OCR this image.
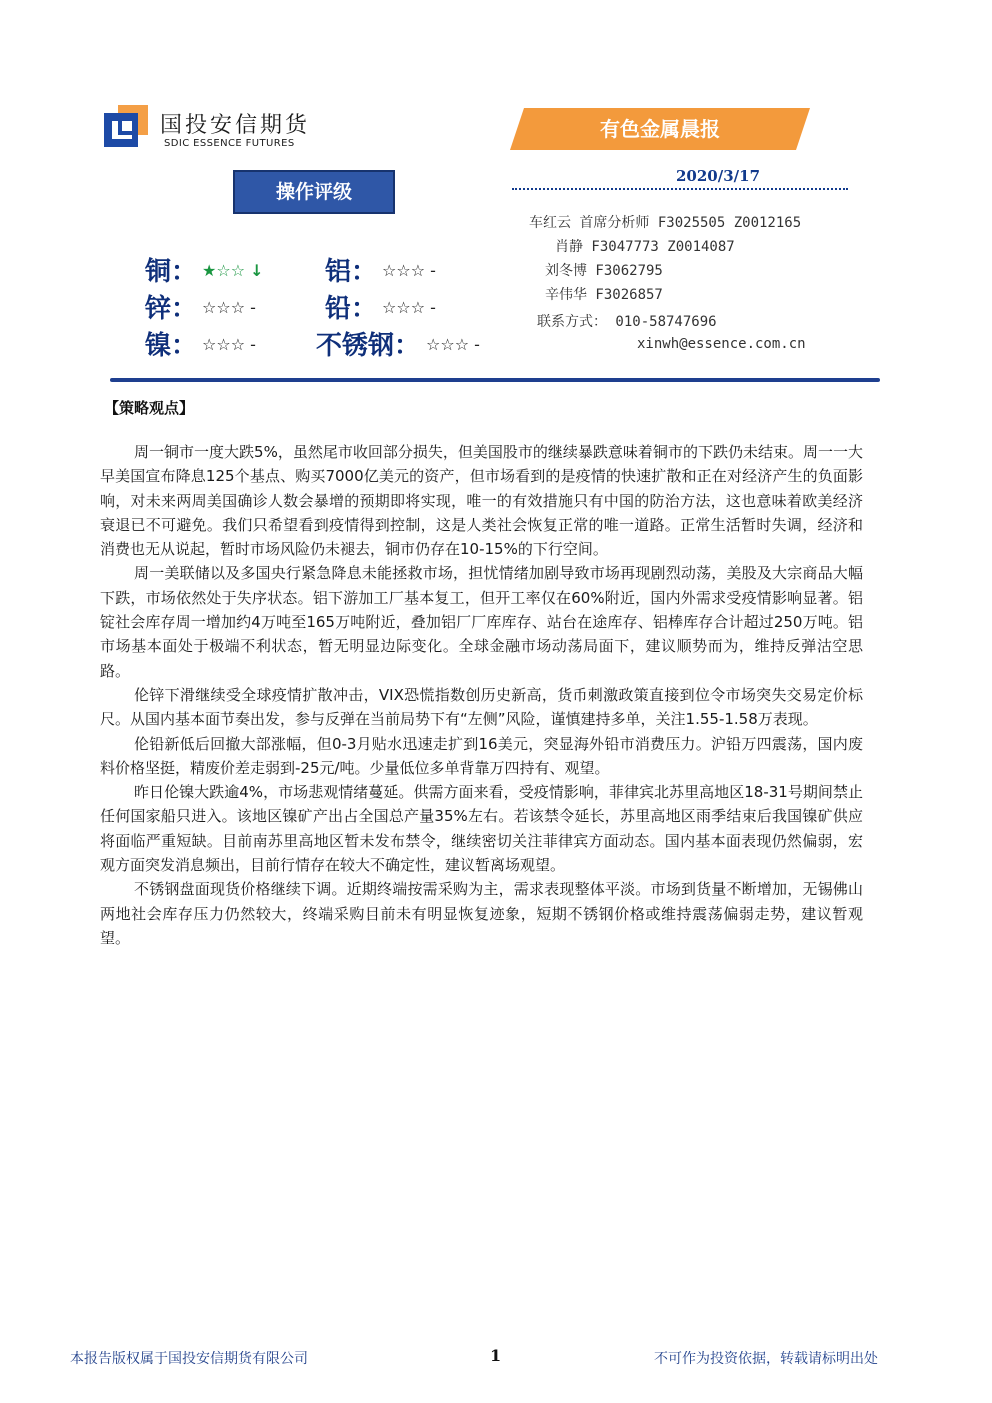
国投安信期货
SDIC ESSENCE FUTURES
有色金属晨报
2020/3/17
操作评级
铜： ★☆☆ ↓ 铝： ☆☆☆ -
锌： ☆☆☆ -	铅： ☆☆☆ -
镍： ☆☆☆ - 不锈钢： ☆☆☆ -
车红云 首席分析师 F3025505 Z0012165
肖静 F3047773 Z0014087
刘冬博 F3062795
辛伟华 F3026857
联系方式： 010-58747696
xinwh@essence.com.cn
【策略观点】

周一铜市一度大跌5%，虽然尾市收回部分损失，但美国股市的继续暴跌意味着铜市的下跌仍未结束。周一一大早美国宣布降息125个基点、购买7000亿美元的资产，但市场看到的是疫情的快速扩散和正在对经济产生的负面影响，对未来两周美国确诊人数会暴增的预期即将实现，唯一的有效措施只有中国的防治方法，这也意味着欧美经济衰退已不可避免。我们只希望看到疫情得到控制，这是人类社会恢复正常的唯一道路。正常生活暂时失调，经济和消费也无从说起，暂时市场风险仍未褪去，铜市仍存在10-15%的下行空间。

周一美联储以及多国央行紧急降息未能拯救市场，担忧情绪加剧导致市场再现剧烈动荡，美股及大宗商品大幅下跌，市场依然处于失序状态。铝下游加工厂基本复工，但开工率仅在60%附近，国内外需求受疫情影响显著。铝锭社会库存周一增加约4万吨至165万吨附近，叠加铝厂厂库库存、站台在途库存、铝棒库存合计超过250万吨。铝市场基本面处于极端不利状态，暂无明显边际变化。全球金融市场动荡局面下，建议顺势而为，维持反弹沽空思路。

伦锌下滑继续受全球疫情扩散冲击，VIX恐慌指数创历史新高，货币刺激政策直接到位令市场突失交易定价标尺。从国内基本面节奏出发，参与反弹在当前局势下有“左侧”风险，谨慎建持多单，关注1.55-1.58万表现。

伦铅新低后回撤大部涨幅，但0-3月贴水迅速走扩到16美元，突显海外铅市消费压力。沪铅万四震荡，国内废料价格坚挺，精废价差走弱到-25元/吨。少量低位多单背靠万四持有、观望。

昨日伦镍大跌逾4%，市场悲观情绪蔓延。供需方面来看，受疫情影响，菲律宾北苏里高地区18-31号期间禁止任何国家船只进入。该地区镍矿产出占全国总产量35%左右。若该禁令延长，苏里高地区雨季结束后我国镍矿供应将面临严重短缺。目前南苏里高地区暂未发布禁令，继续密切关注菲律宾方面动态。国内基本面表现仍然偏弱，宏观方面突发消息频出，目前行情存在较大不确定性，建议暂离场观望。

不锈钢盘面现货价格继续下调。近期终端按需采购为主，需求表现整体平淡。市场到货量不断增加，无锡佛山两地社会库存压力仍然较大，终端采购目前未有明显恢复迹象，短期不锈钢价格或维持震荡偏弱走势，建议暂观望。

本报告版权属于国投安信期货有限公司	1	不可作为投资依据，转载请标明出处
